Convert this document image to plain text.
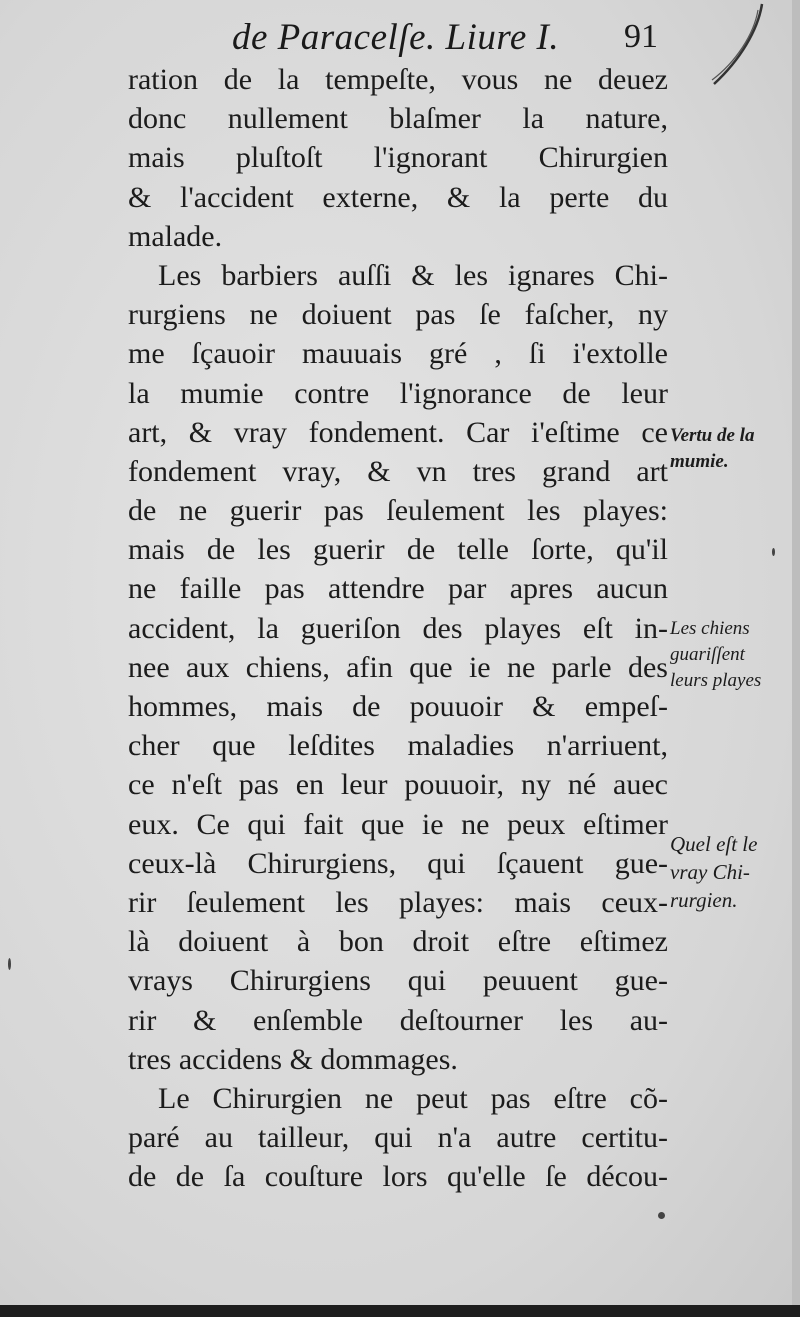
de Paracelſe. Liure I. 91
ration de la tempeſte, vous ne deuez
donc nullement blaſmer la nature,
mais pluſtoſt l'ignorant Chirurgien
& l'accident externe, & la perte du
malade.
Les barbiers auſſi & les ignares Chi-
rurgiens ne doiuent pas ſe faſcher, ny
me ſçauoir mauuais gré , ſi i'extolle
la mumie contre l'ignorance de leur
art, & vray fondement. Car i'eſtime ce
fondement vray, & vn tres grand art
de ne guerir pas ſeulement les playes:
mais de les guerir de telle ſorte, qu'il
ne faille pas attendre par apres aucun
accident, la gueriſon des playes eſt in-
nee aux chiens, afin que ie ne parle des
hommes, mais de pouuoir & empeſ-
cher que leſdites maladies n'arriuent,
ce n'eſt pas en leur pouuoir, ny né auec
eux. Ce qui fait que ie ne peux eſtimer
ceux-là Chirurgiens, qui ſçauent gue-
rir ſeulement les playes: mais ceux-
là doiuent à bon droit eſtre eſtimez
vrays Chirurgiens qui peuuent gue-
rir & enſemble deſtourner les au-
tres accidens & dommages.
Le Chirurgien ne peut pas eſtre cõ-
paré au tailleur, qui n'a autre certitu-
de de ſa couſture lors qu'elle ſe décou-
Vertu de la
mumie.
Les chiens
guariſſent
leurs playes
Quel eſt le
vray Chi-
rurgien.
